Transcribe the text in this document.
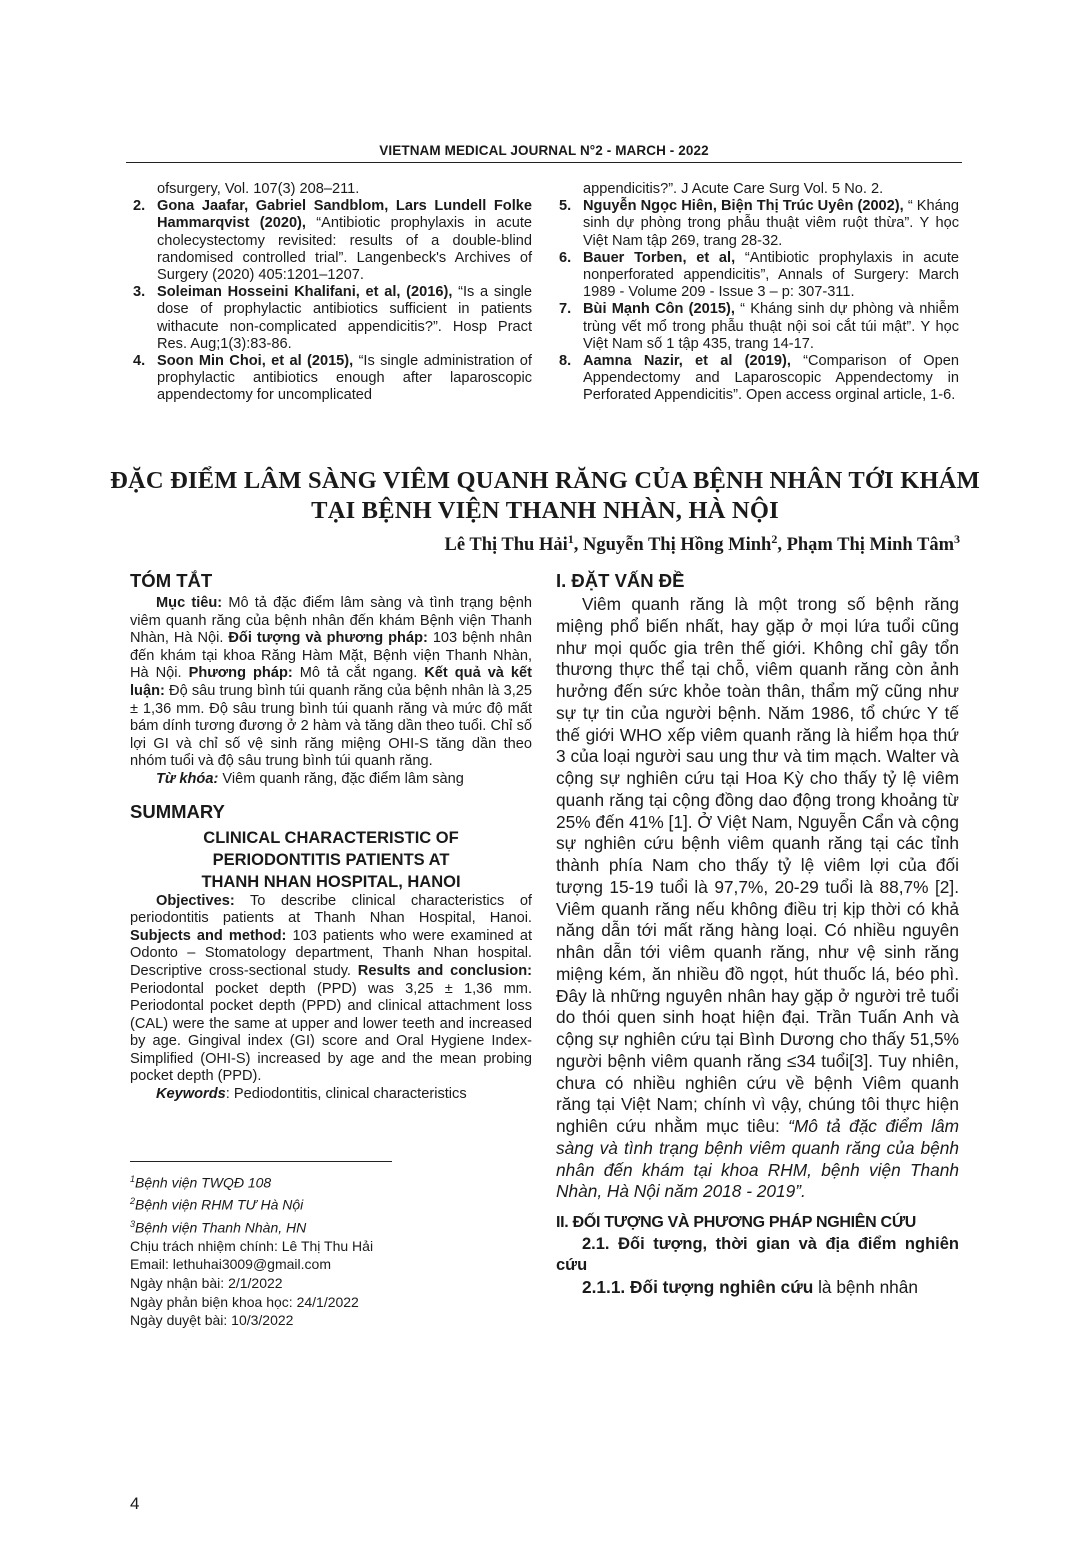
VIETNAM MEDICAL JOURNAL N°2 - MARCH - 2022

ofsurgery, Vol. 107(3) 208–211.

2. Gona Jaafar, Gabriel Sandblom, Lars Lundell Folke Hammarqvist (2020), “Antibiotic prophylaxis in acute cholecystectomy revisited: results of a double-blind randomised controlled trial”. Langenbeck's Archives of Surgery (2020) 405:1201–1207.

3. Soleiman Hosseini Khalifani, et al, (2016), “Is a single dose of prophylactic antibiotics sufficient in patients withacute non-complicated appendicitis?”. Hosp Pract Res. Aug;1(3):83-86.

4. Soon Min Choi, et al (2015), “Is single administration of prophylactic antibiotics enough after laparoscopic appendectomy for uncomplicated

appendicitis?”. J Acute Care Surg Vol. 5 No. 2.

5. Nguyễn Ngọc Hiên, Biện Thị Trúc Uyên (2002), “ Kháng sinh dự phòng trong phẫu thuật viêm ruột thừa”. Y học Việt Nam tập 269, trang 28-32.

6. Bauer Torben, et al, “Antibiotic prophylaxis in acute nonperforated appendicitis”, Annals of Surgery: March 1989 - Volume 209 - Issue 3 – p: 307-311.

7. Bùi Mạnh Côn (2015), “ Kháng sinh dự phòng và nhiễm trùng vết mổ trong phẫu thuật nội soi cắt túi mật”. Y học Việt Nam số 1 tập 435, trang 14-17.

8. Aamna Nazir, et al (2019), “Comparison of Open Appendectomy and Laparoscopic Appendectomy in Perforated Appendicitis”. Open access orginal article, 1-6.

ĐẶC ĐIỂM LÂM SÀNG VIÊM QUANH RĂNG CỦA BỆNH NHÂN TỚI KHÁM
TẠI BỆNH VIỆN THANH NHÀN, HÀ NỘI
Lê Thị Thu Hải$^1$, Nguyễn Thị Hồng Minh$^2$, Phạm Thị Minh Tâm$^3$

TÓM TẮT

Mục tiêu: Mô tả đặc điểm lâm sàng và tình trạng bệnh viêm quanh răng của bệnh nhân đến khám Bệnh viện Thanh Nhàn, Hà Nội. Đối tượng và phương pháp: 103 bệnh nhân đến khám tại khoa Răng Hàm Mặt, Bệnh viện Thanh Nhàn, Hà Nội. Phương pháp: Mô tả cắt ngang. Kết quả và kết luận: Độ sâu trung bình túi quanh răng của bệnh nhân là 3,25 ± 1,36 mm. Độ sâu trung bình túi quanh răng và mức độ mất bám dính tương đương ở 2 hàm và tăng dần theo tuổi. Chỉ số lợi GI và chỉ số vệ sinh răng miệng OHI-S tăng dần theo nhóm tuổi và độ sâu trung bình túi quanh răng.

Từ khóa: Viêm quanh răng, đặc điểm lâm sàng

SUMMARY

CLINICAL CHARACTERISTIC OF
PERIODONTITIS PATIENTS AT
THANH NHAN HOSPITAL, HANOI

Objectives: To describe clinical characteristics of periodontitis patients at Thanh Nhan Hospital, Hanoi. Subjects and method: 103 patients who were examined at Odonto – Stomatology department, Thanh Nhan hospital. Descriptive cross-sectional study. Results and conclusion: Periodontal pocket depth (PPD) was 3,25 ± 1,36 mm. Periodontal pocket depth (PPD) and clinical attachment loss (CAL) were the same at upper and lower teeth and increased by age. Gingival index (GI) score and Oral Hygiene Index-Simplified (OHI-S) increased by age and the mean probing pocket depth (PPD).

Keywords: Pediodontitis, clinical characteristics

$^1$Bệnh viện TWQĐ 108
$^2$Bệnh viện RHM TƯ Hà Nội
$^3$Bệnh viện Thanh Nhàn, HN
Chịu trách nhiệm chính: Lê Thị Thu Hải
Email: lethuhai3009@gmail.com
Ngày nhận bài: 2/1/2022
Ngày phản biện khoa học: 24/1/2022
Ngày duyệt bài: 10/3/2022

I. ĐẶT VẤN ĐỀ

Viêm quanh răng là một trong số bệnh răng miệng phổ biến nhất, hay gặp ở mọi lứa tuổi cũng như mọi quốc gia trên thế giới. Không chỉ gây tổn thương thực thể tại chỗ, viêm quanh răng còn ảnh hưởng đến sức khỏe toàn thân, thẩm mỹ cũng như sự tự tin của người bệnh. Năm 1986, tổ chức Y tế thế giới WHO xếp viêm quanh răng là hiểm họa thứ 3 của loại người sau ung thư và tim mạch. Walter và cộng sự nghiên cứu tại Hoa Kỳ cho thấy tỷ lệ viêm quanh răng tại cộng đồng dao động trong khoảng từ 25% đến 41% [1]. Ở Việt Nam, Nguyễn Cẩn và cộng sự nghiên cứu bệnh viêm quanh răng tại các tỉnh thành phía Nam cho thấy tỷ lệ viêm lợi của đối tượng 15-19 tuổi là 97,7%, 20-29 tuổi là 88,7% [2]. Viêm quanh răng nếu không điều trị kịp thời có khả năng dẫn tới mất răng hàng loại. Có nhiều nguyên nhân dẫn tới viêm quanh răng, như vệ sinh răng miệng kém, ăn nhiều đồ ngọt, hút thuốc lá, béo phì. Đây là những nguyên nhân hay gặp ở người trẻ tuổi do thói quen sinh hoạt hiện đại. Trần Tuấn Anh và cộng sự nghiên cứu tại Bình Dương cho thấy 51,5% người bệnh viêm quanh răng ≤34 tuổi[3]. Tuy nhiên, chưa có nhiều nghiên cứu về bệnh Viêm quanh răng tại Việt Nam; chính vì vậy, chúng tôi thực hiện nghiên cứu nhằm mục tiêu: “Mô tả đặc điểm lâm sàng và tình trạng bệnh viêm quanh răng của bệnh nhân đến khám tại khoa RHM, bệnh viện Thanh Nhàn, Hà Nội năm 2018 - 2019”.

II. ĐỐI TƯỢNG VÀ PHƯƠNG PHÁP NGHIÊN CỨU

2.1. Đối tượng, thời gian và địa điểm nghiên cứu

2.1.1. Đối tượng nghiên cứu là bệnh nhân

4
